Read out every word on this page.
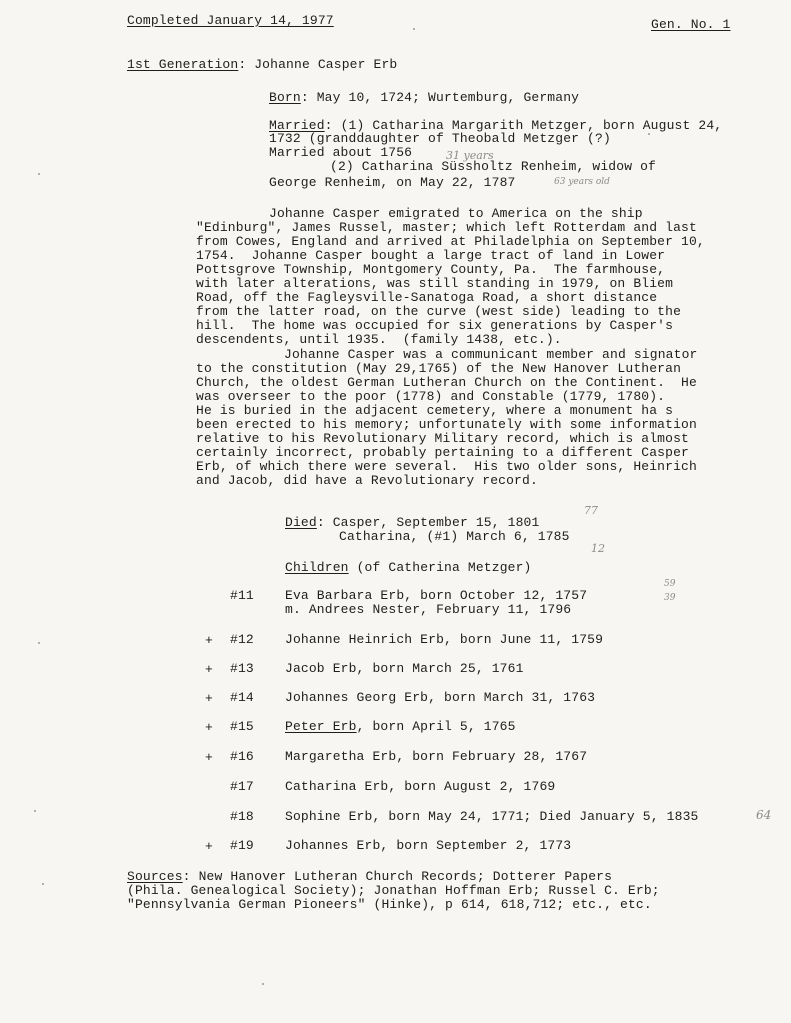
Completed January 14, 1977	Gen. No. 1
1st Generation: Johanne Casper Erb
Born: May 10, 1724; Wurtemburg, Germany
Married: (1) Catharina Margarith Metzger, born August 24,
1732 (granddaughter of Theobald Metzger (?)
Married about 1756
(2) Catharina Süssholtz Renheim, widow of
George Renheim, on May 22, 1787
31 years
63 years old
Johanne Casper emigrated to America on the ship
"Edinburg", James Russel, master; which left Rotterdam and last
from Cowes, England and arrived at Philadelphia on September 10,
1754.  Johanne Casper bought a large tract of land in Lower
Pottsgrove Township, Montgomery County, Pa.  The farmhouse,
with later alterations, was still standing in 1979, on Bliem
Road, off the Fagleysville-Sanatoga Road, a short distance
from the latter road, on the curve (west side) leading to the
hill.  The home was occupied for six generations by Casper's
descendents, until 1935.  (family 1438, etc.).
Johanne Casper was a communicant member and signator
to the constitution (May 29,1765) of the New Hanover Lutheran
Church, the oldest German Lutheran Church on the Continent.  He
was overseer to the poor (1778) and Constable (1779, 1780).
He is buried in the adjacent cemetery, where a monument ha s
been erected to his memory; unfortunately with some information
relative to his Revolutionary Military record, which is almost
certainly incorrect, probably pertaining to a different Casper
Erb, of which there were several.  His two older sons, Heinrich
and Jacob, did have a Revolutionary record.
Died: Casper, September 15, 1801
Catharina, (#1) March 6, 1785
77
12
Children (of Catherina Metzger)
#11 Eva Barbara Erb, born October 12, 1757
m. Andrees Nester, February 11, 1796
59
39
+ #12 Johanne Heinrich Erb, born June 11, 1759
+ #13 Jacob Erb, born March 25, 1761
+ #14 Johannes Georg Erb, born March 31, 1763
+ #15 Peter Erb, born April 5, 1765
+ #16 Margaretha Erb, born February 28, 1767
#17 Catharina Erb, born August 2, 1769
#18 Sophine Erb, born May 24, 1771; Died January 5, 1835	64
+ #19 Johannes Erb, born September 2, 1773
Sources: New Hanover Lutheran Church Records; Dotterer Papers
(Phila. Genealogical Society); Jonathan Hoffman Erb; Russel C. Erb;
"Pennsylvania German Pioneers" (Hinke), p 614, 618,712; etc., etc.
